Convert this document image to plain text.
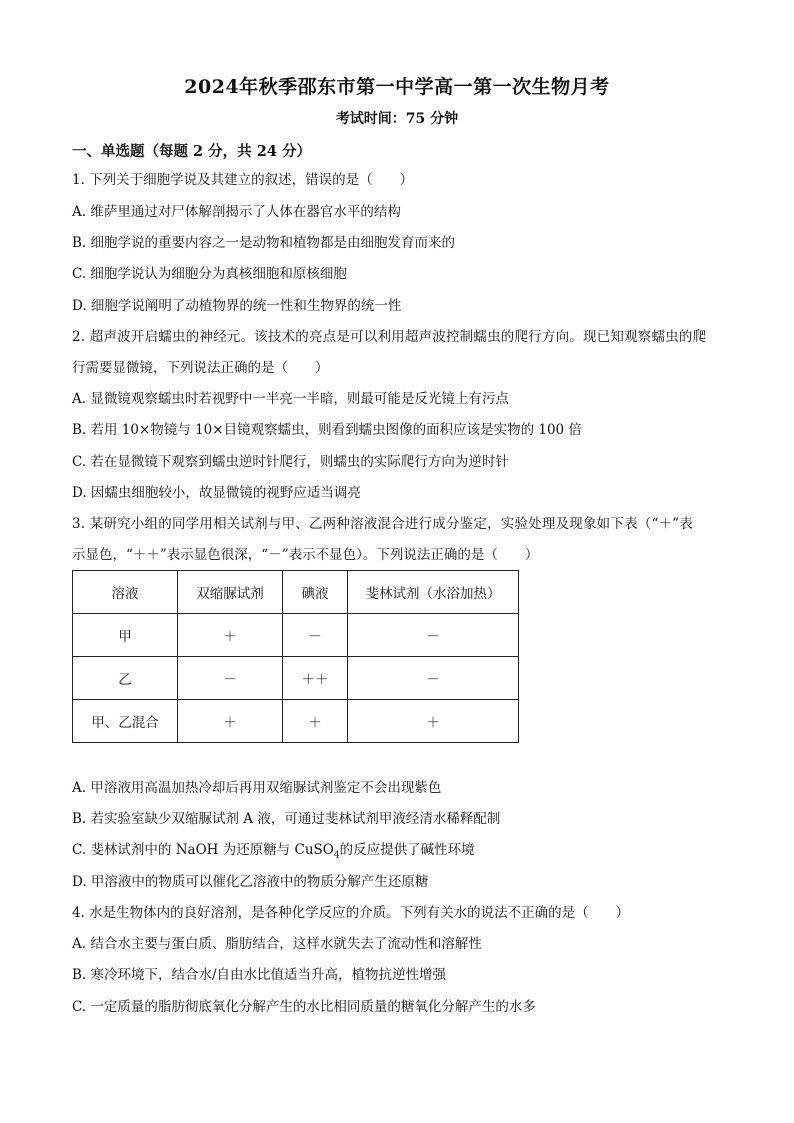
2024年秋季邵东市第一中学高一第一次生物月考
考试时间：75 分钟
一、单选题（每题 2 分，共 24 分）
1. 下列关于细胞学说及其建立的叙述，错误的是（　　）
A. 维萨里通过对尸体解剖揭示了人体在器官水平的结构
B. 细胞学说的重要内容之一是动物和植物都是由细胞发育而来的
C. 细胞学说认为细胞分为真核细胞和原核细胞
D. 细胞学说阐明了动植物界的统一性和生物界的统一性
2. 超声波开启蠕虫的神经元。该技术的亮点是可以利用超声波控制蠕虫的爬行方向。现已知观察蠕虫的爬
行需要显微镜，下列说法正确的是（　　）
A. 显微镜观察蠕虫时若视野中一半亮一半暗，则最可能是反光镜上有污点
B. 若用 10×物镜与 10×目镜观察蠕虫，则看到蠕虫图像的面积应该是实物的 100 倍
C. 若在显微镜下观察到蠕虫逆时针爬行，则蠕虫的实际爬行方向为逆时针
D. 因蠕虫细胞较小，故显微镜的视野应适当调亮
3. 某研究小组的同学用相关试剂与甲、乙两种溶液混合进行成分鉴定，实验处理及现象如下表（“＋”表
示显色，“＋＋”表示显色很深，“－”表示不显色）。下列说法正确的是（　　）
溶液	双缩脲试剂	碘液	斐林试剂（水浴加热）
甲	＋	－	－
乙	－	＋＋	－
甲、乙混合	＋	＋	＋
A. 甲溶液用高温加热冷却后再用双缩脲试剂鉴定不会出现紫色
B. 若实验室缺少双缩脲试剂 A 液，可通过斐林试剂甲液经清水稀释配制
C. 斐林试剂中的 NaOH 为还原糖与 CuSO$_4$的反应提供了碱性环境
D. 甲溶液中的物质可以催化乙溶液中的物质分解产生还原糖
4. 水是生物体内的良好溶剂，是各种化学反应的介质。下列有关水的说法不正确的是（　　）
A. 结合水主要与蛋白质、脂肪结合，这样水就失去了流动性和溶解性
B. 寒冷环境下，结合水/自由水比值适当升高，植物抗逆性增强
C. 一定质量的脂肪彻底氧化分解产生的水比相同质量的糖氧化分解产生的水多
